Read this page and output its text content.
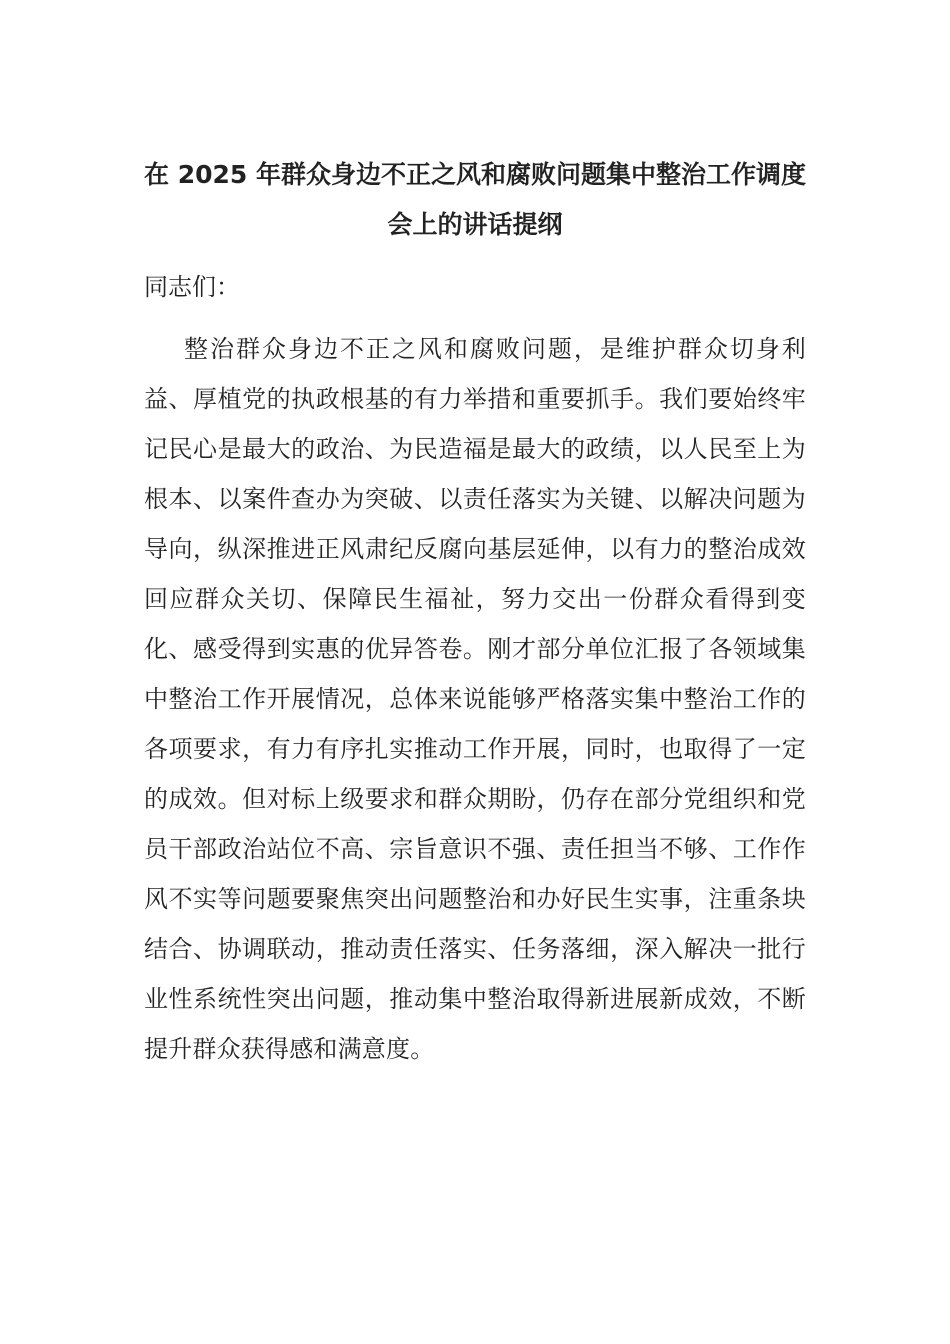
在 2025 年群众身边不正之风和腐败问题集中整治工作调度会上的讲话提纲

同志们：

整治群众身边不正之风和腐败问题，是维护群众切身利益、厚植党的执政根基的有力举措和重要抓手。我们要始终牢记民心是最大的政治、为民造福是最大的政绩，以人民至上为根本、以案件查办为突破、以责任落实为关键、以解决问题为导向，纵深推进正风肃纪反腐向基层延伸，以有力的整治成效回应群众关切、保障民生福祉，努力交出一份群众看得到变化、感受得到实惠的优异答卷。刚才部分单位汇报了各领域集中整治工作开展情况，总体来说能够严格落实集中整治工作的各项要求，有力有序扎实推动工作开展，同时，也取得了一定的成效。但对标上级要求和群众期盼，仍存在部分党组织和党员干部政治站位不高、宗旨意识不强、责任担当不够、工作作风不实等问题要聚焦突出问题整治和办好民生实事，注重条块结合、协调联动，推动责任落实、任务落细，深入解决一批行业性系统性突出问题，推动集中整治取得新进展新成效，不断提升群众获得感和满意度。
